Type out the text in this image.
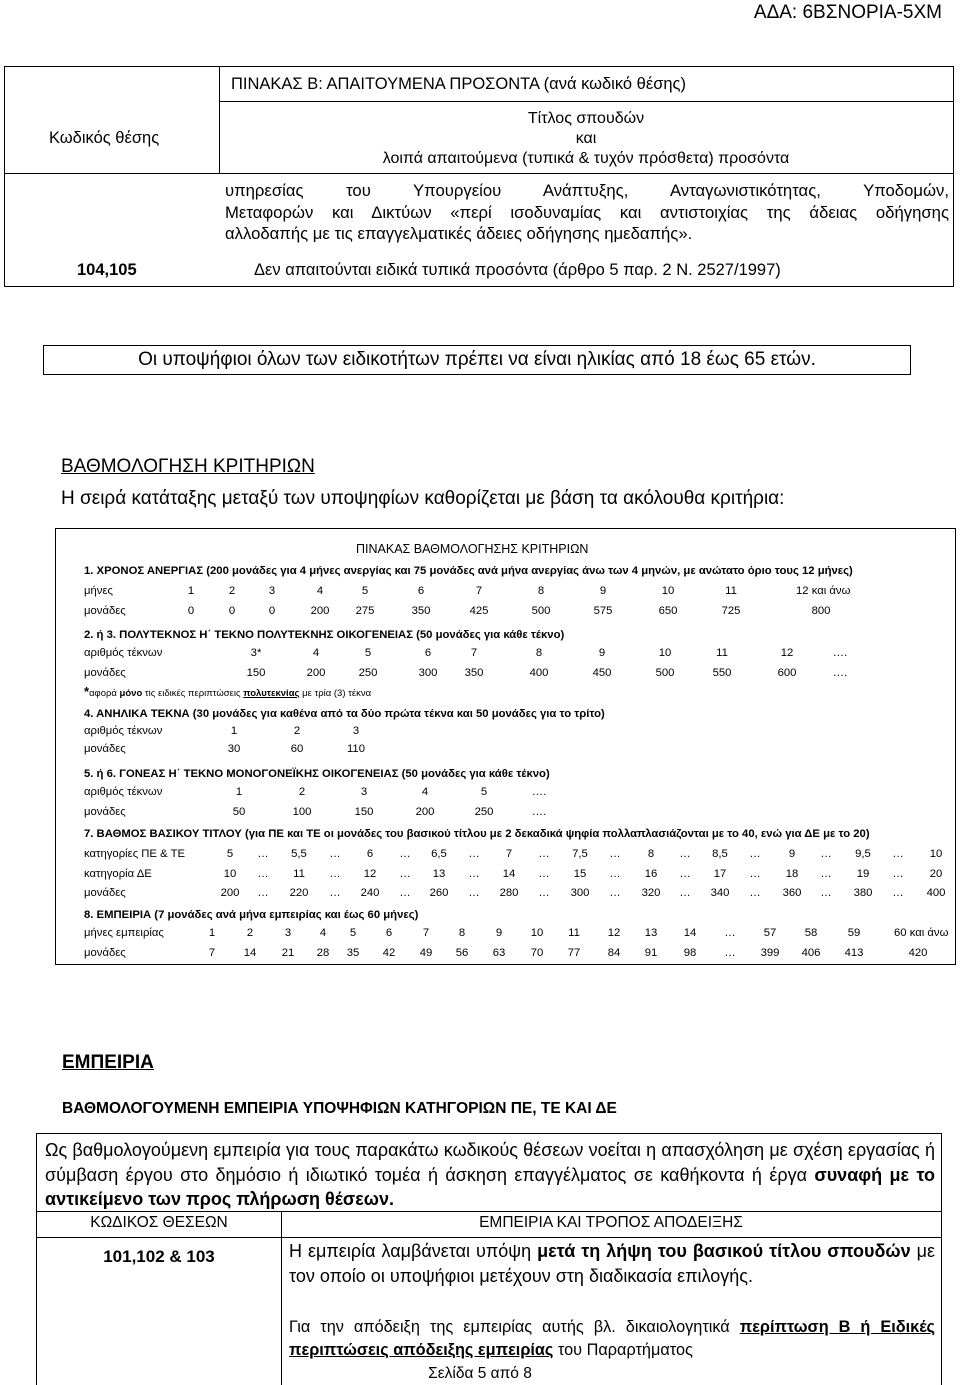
ΑΔΑ: 6ΒΣΝΟΡΙΑ-5ΧΜ
ΠΙΝΑΚΑΣ Β: ΑΠΑΙΤΟΥΜΕΝΑ ΠΡΟΣΟΝΤΑ (ανά κωδικό θέσης)
Κωδικός θέσης
Τίτλος σπουδών
και
λοιπά απαιτούμενα (τυπικά & τυχόν πρόσθετα) προσόντα
υπηρεσίας του Υπουργείου Ανάπτυξης, Ανταγωνιστικότητας, Υποδομών,
Μεταφορών και Δικτύων «περί ισοδυναμίας και αντιστοιχίας της άδειας οδήγησης
αλλοδαπής με τις επαγγελματικές άδειες οδήγησης ημεδαπής».
104,105	Δεν απαιτούνται ειδικά τυπικά προσόντα (άρθρο 5 παρ. 2 Ν. 2527/1997)
Οι υποψήφιοι όλων των ειδικοτήτων πρέπει να είναι ηλικίας από 18 έως 65 ετών.
ΒΑΘΜΟΛΟΓΗΣΗ ΚΡΙΤΗΡΙΩΝ
Η σειρά κατάταξης μεταξύ των υποψηφίων καθορίζεται με βάση τα ακόλουθα κριτήρια:
ΠΙΝΑΚΑΣ ΒΑΘΜΟΛΟΓΗΣΗΣ ΚΡΙΤΗΡΙΩΝ
1. ΧΡΟΝΟΣ ΑΝΕΡΓΙΑΣ (200 μονάδες για 4 μήνες ανεργίας και 75 μονάδες ανά μήνα ανεργίας άνω των 4 μηνών, με ανώτατο όριο τους 12 μήνες)
μήνες	1	2	3	4	5	6	7	8	9	10	11	12 και άνω
μονάδες	0	0	0	200	275	350	425	500	575	650	725	800
2. ή 3. ΠΟΛΥΤΕΚΝΟΣ Η΄ ΤΕΚΝΟ ΠΟΛΥΤΕΚΝΗΣ ΟΙΚΟΓΕΝΕΙΑΣ (50 μονάδες για κάθε τέκνο)
αριθμός τέκνων	3*	4	5	6	7	8	9	10	11	12	….
μονάδες	150	200	250	300	350	400	450	500	550	600	….
*αφορά μόνο τις ειδικές περιπτώσεις πολυτεκνίας με τρία (3) τέκνα
4. ΑΝΗΛΙΚΑ ΤΕΚΝΑ (30 μονάδες για καθένα από τα δύο πρώτα τέκνα και 50 μονάδες για το τρίτο)
αριθμός τέκνων	1	2	3
μονάδες	30	60	110
5. ή 6. ΓΟΝΕΑΣ Η΄ ΤΕΚΝΟ ΜΟΝΟΓΟΝΕΪΚΗΣ ΟΙΚΟΓΕΝΕΙΑΣ (50 μονάδες για κάθε τέκνο)
αριθμός τέκνων	1	2	3	4	5	….
μονάδες	50	100	150	200	250	….
7. ΒΑΘΜΟΣ ΒΑΣΙΚΟΥ ΤΙΤΛΟΥ (για ΠΕ και ΤΕ οι μονάδες του βασικού τίτλου με 2 δεκαδικά ψηφία πολλαπλασιάζονται με το 40, ενώ για ΔΕ με το 20)
κατηγορίες ΠΕ & ΤΕ	5	…	5,5	…	6	…	6,5	…	7	…	7,5	…	8	…	8,5	…	9	…	9,5	…	10
κατηγορία ΔΕ	10	…	11	…	12	…	13	…	14	…	15	…	16	…	17	…	18	…	19	…	20
μονάδες	200	…	220	…	240	…	260	…	280	…	300	…	320	…	340	…	360	…	380	…	400
8. ΕΜΠΕΙΡΙΑ (7 μονάδες ανά μήνα εμπειρίας και έως 60 μήνες)
μήνες εμπειρίας	1	2	3	4	5	6	7	8	9	10	11	12	13	14	…	57	58	59	60 και άνω
μονάδες	7	14	21	28	35	42	49	56	63	70	77	84	91	98	…	399	406	413	420
ΕΜΠΕΙΡΙΑ
ΒΑΘΜΟΛΟΓΟΥΜΕΝΗ ΕΜΠΕΙΡΙΑ ΥΠΟΨΗΦΙΩΝ ΚΑΤΗΓΟΡΙΩΝ ΠΕ, ΤΕ ΚΑΙ ΔΕ
Ως βαθμολογούμενη εμπειρία για τους παρακάτω κωδικούς θέσεων νοείται η απασχόληση με σχέση εργασίας ή σύμβαση έργου στο δημόσιο ή ιδιωτικό τομέα ή άσκηση επαγγέλματος σε καθήκοντα ή έργα συναφή με το αντικείμενο των προς πλήρωση θέσεων.
ΚΩΔΙΚΟΣ ΘΕΣΕΩΝ	ΕΜΠΕΙΡΙΑ ΚΑΙ ΤΡΟΠΟΣ ΑΠΟΔΕΙΞΗΣ
101,102 & 103	Η εμπειρία λαμβάνεται υπόψη μετά τη λήψη του βασικού τίτλου σπουδών με τον οποίο οι υποψήφιοι μετέχουν στη διαδικασία επιλογής.
Για την απόδειξη της εμπειρίας αυτής βλ. δικαιολογητικά περίπτωση Β ή Ειδικές περιπτώσεις απόδειξης εμπειρίας του Παραρτήματος
Σελίδα 5 από 8
